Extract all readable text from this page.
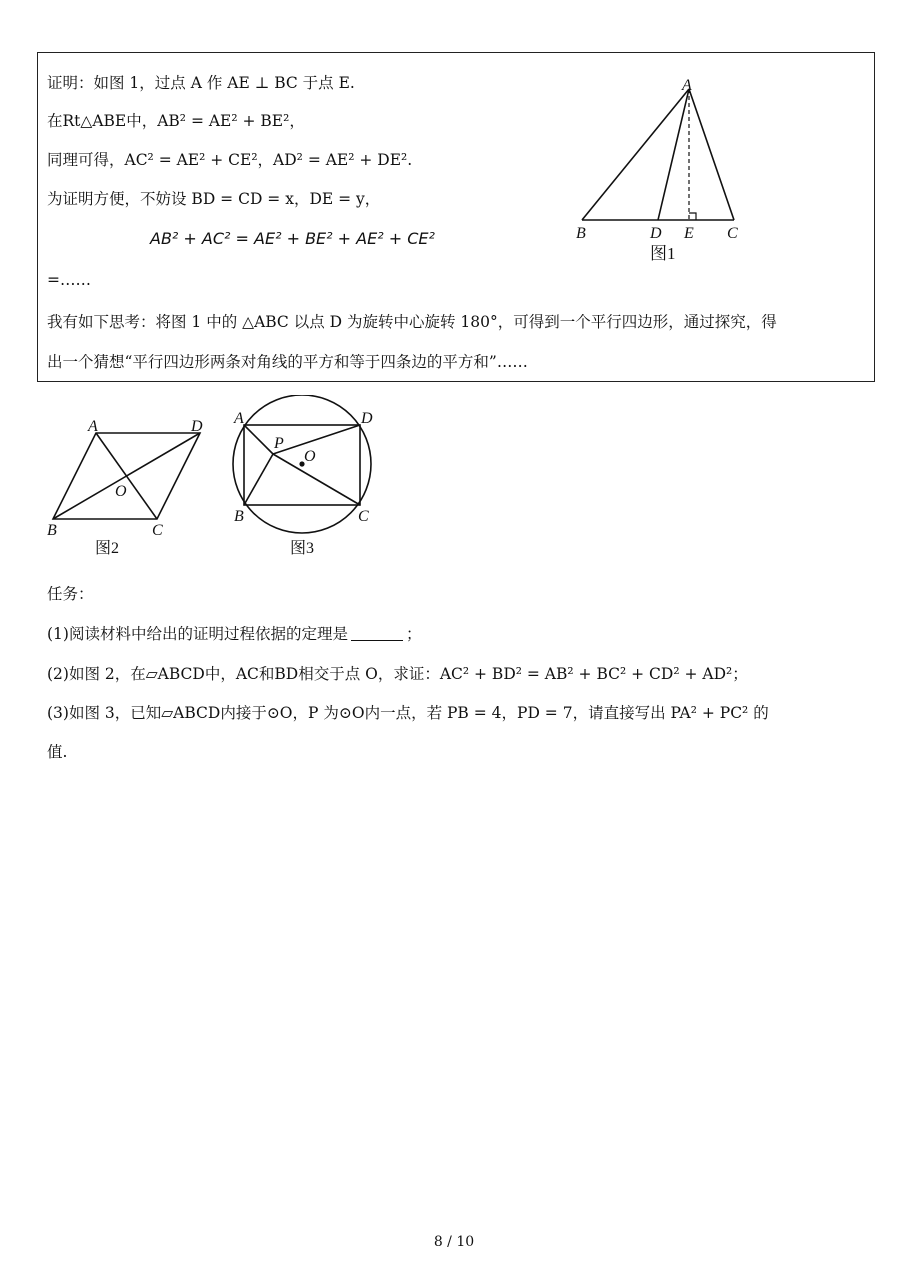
证明：如图 1，过点 A 作 AE ⊥ BC 于点 E.
在Rt△ABE中，AB² = AE² + BE²，
同理可得，AC² = AE² + CE²，AD² = AE² + DE².
为证明方便，不妨设 BD = CD = x，DE = y，
AB² + AC² = AE² + BE² + AE² + CE²
=……
我有如下思考：将图 1 中的 △ABC 以点 D 为旋转中心旋转 180°，可得到一个平行四边形，通过探究，得
出一个猜想“平行四边形两条对角线的平方和等于四条边的平方和”……
A
B	D E C
图1
A	D
O
B	C
图2
A	D
P
O
B	C
图3
任务：
(1)阅读材料中给出的证明过程依据的定理是	；
(2)如图 2，在▱ABCD中，AC和BD相交于点 O，求证：AC² + BD² = AB² + BC² + CD² + AD²；
(3)如图 3，已知▱ABCD内接于⊙O，P 为⊙O内一点，若 PB = 4，PD = 7，请直接写出 PA² + PC² 的
值.
8 / 10
